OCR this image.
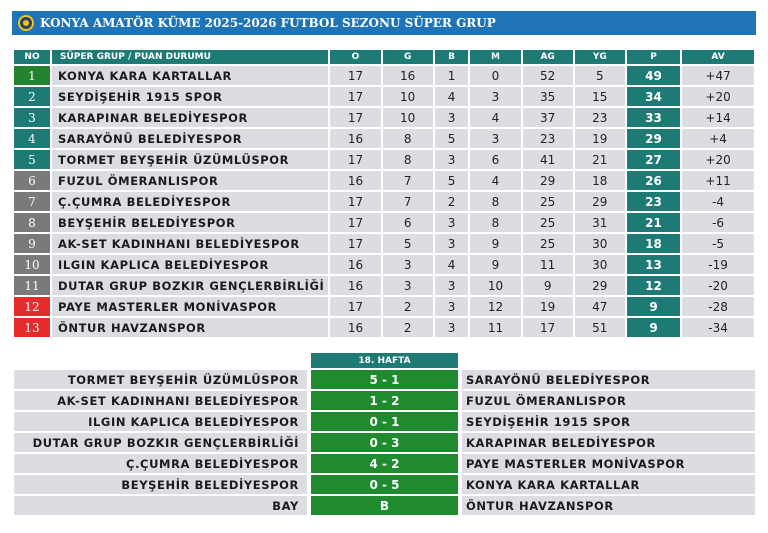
KONYA AMATÖR KÜME 2025-2026 FUTBOL SEZONU SÜPER GRUP
NO	SÜPER GRUP / PUAN DURUMU	O	G	B	M	AG	YG	P	AV
1	KONYA KARA KARTALLAR	17	16	1	0	52	5	49	+47
2	SEYDİŞEHİR 1915 SPOR	17	10	4	3	35	15	34	+20
3	KARAPINAR BELEDİYESPOR	17	10	3	4	37	23	33	+14
4	SARAYÖNÜ BELEDİYESPOR	16	8	5	3	23	19	29	+4
5	TORMET BEYŞEHİR ÜZÜMLÜSPOR	17	8	3	6	41	21	27	+20
6	FUZUL ÖMERANLISPOR	16	7	5	4	29	18	26	+11
7	Ç.ÇUMRA BELEDİYESPOR	17	7	2	8	25	29	23	-4
8	BEYŞEHİR BELEDİYESPOR	17	6	3	8	25	31	21	-6
9	AK-SET KADINHANI BELEDİYESPOR	17	5	3	9	25	30	18	-5
10	ILGIN KAPLICA BELEDİYESPOR	16	3	4	9	11	30	13	-19
11	DUTAR GRUP BOZKIR GENÇLERBİRLİĞİ	16	3	3	10	9	29	12	-20
12	PAYE MASTERLER MONİVASPOR	17	2	3	12	19	47	9	-28
13	ÖNTUR HAVZANSPOR	16	2	3	11	17	51	9	-34
18. HAFTA
TORMET BEYŞEHİR ÜZÜMLÜSPOR	5 - 1	SARAYÖNÜ BELEDİYESPOR
AK-SET KADINHANI BELEDİYESPOR	1 - 2	FUZUL ÖMERANLISPOR
ILGIN KAPLICA BELEDİYESPOR	0 - 1	SEYDİŞEHİR 1915 SPOR
DUTAR GRUP BOZKIR GENÇLERBİRLİĞİ	0 - 3	KARAPINAR BELEDİYESPOR
Ç.ÇUMRA BELEDİYESPOR	4 - 2	PAYE MASTERLER MONİVASPOR
BEYŞEHİR BELEDİYESPOR	0 - 5	KONYA KARA KARTALLAR
BAY	B	ÖNTUR HAVZANSPOR
